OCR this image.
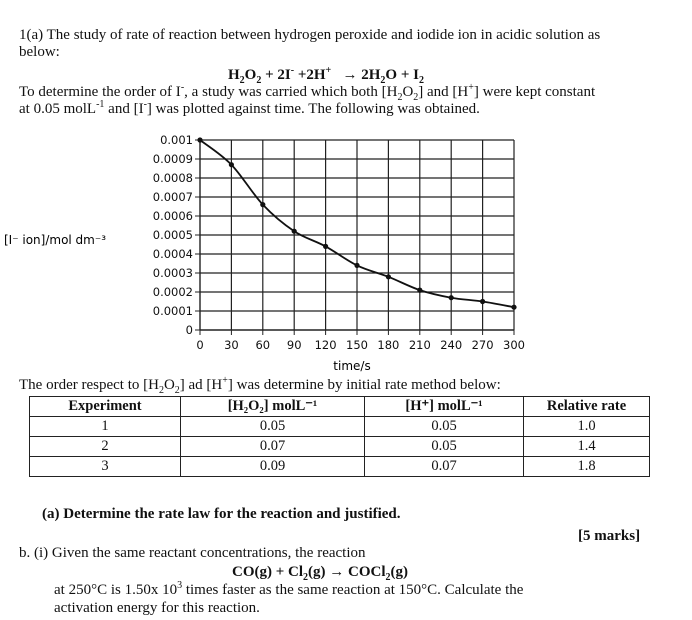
1(a) The study of rate of reaction between hydrogen peroxide and iodide ion in acidic solution as
below:
$H_2O_2 + 2I^- +2H^+ \to 2H_2O + I_2$
To determine the order of I-, a study was carried which both $[H_2O_2]$ and [H+] were kept constant
at 0.05 molL$^{-1}$ and [I-] was plotted against time. The following was obtained.
0
0.0001
0.0002
0.0003
0.0004
0.0005
0.0006
0.0007
0.0008
0.0009
0.001
0 30 60 90 120 150 180 210 240 270 300
[I⁻ ion]/mol dm⁻³
time/s
The order respect to $[H_2O_2]$ ad [H+] was determine by initial rate method below:
Experiment	[H₂O₂] molL⁻¹	[H⁺] molL⁻¹	Relative rate
1	0.05	0.05	1.0
2	0.07	0.05	1.4
3	0.09	0.07	1.8
(a) Determine the rate law for the reaction and justified.
[5 marks]
b. (i) Given the same reactant concentrations, the reaction
$CO(g) + Cl_2(g)$ → COCl$_2$(g)
at 250°C is 1.50x $10^3$ times faster as the same reaction at 150°C. Calculate the
activation energy for this reaction.
